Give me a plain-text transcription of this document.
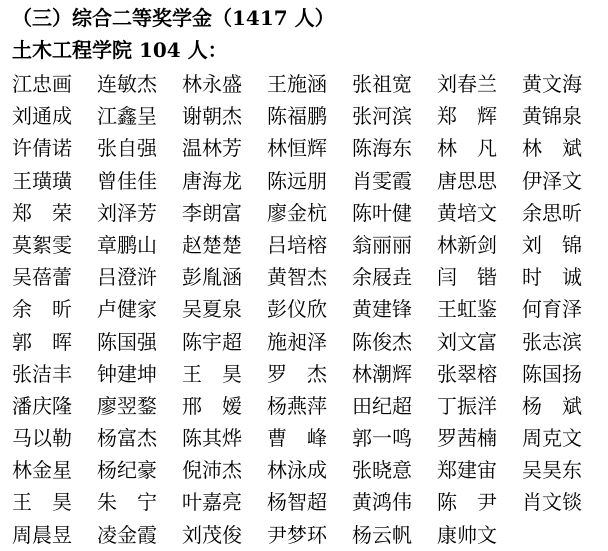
（三）综合二等奖学金（1417 人）
土木工程学院 104 人：
江忠画	连敏杰	林永盛	王施涵	张祖宽	刘春兰	黄文海
刘通成	江鑫呈	谢朝杰	陈福鹏	张河滨	郑　辉	黄锦泉
许倩诺	张自强	温林芳	林恒辉	陈海东	林　凡	林　斌
王璜璜	曾佳佳	唐海龙	陈远朋	肖雯霞	唐思思	伊泽文
郑　荣	刘泽芳	李朗富	廖金杭	陈叶健	黄培文	余思昕
莫絮雯	章鹏山	赵楚楚	吕培榕	翁丽丽	林新剑	刘　锦
吴蓓蕾	吕澄浒	彭胤涵	黄智杰	余屐垚	闫　锴	时　诚
余　昕	卢健家	吴夏泉	彭仪欣	黄建锋	王虹鉴	何育泽
郭　晖	陈国强	陈宇超	施昶泽	陈俊杰	刘文富	张志滨
张洁丰	钟建坤	王　昊	罗　杰	林潮辉	张翠榕	陈国扬
潘庆隆	廖翌鍪	邢　嫒	杨燕萍	田纪超	丁振洋	杨　斌
马以勒	杨富杰	陈其烨	曹　峰	郭一鸣	罗茜楠	周克文
林金星	杨纪豪	倪沛杰	林泳成	张晓意	郑建宙	吴昊东
王　昊	朱　宁	叶嘉亮	杨智超	黄鸿伟	陈　尹	肖文锬
周晨昱	凌金霞	刘茂俊	尹梦环	杨云帆	康帅文
